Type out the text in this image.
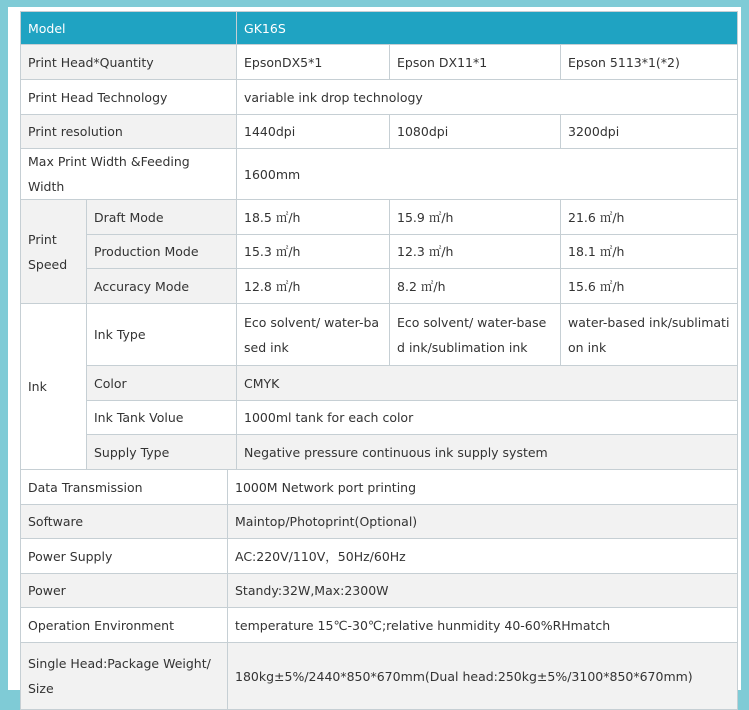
Model			GK16S		
Print Head*Quantity			EpsonDX5*1	Epson DX11*1	Epson 5113*1(*2)
Print Head Technology			variable ink drop technology		
Print resolution			1440dpi	1080dpi	3200dpi
Max Print Width &Feeding Width			1600mm		
Print
Speed	Draft Mode		18.5 ㎡/h	15.9 ㎡/h	21.6 ㎡/h
	Production Mode		15.3 ㎡/h	12.3 ㎡/h	18.1 ㎡/h
	Accuracy Mode		12.8 ㎡/h	8.2 ㎡/h	15.6 ㎡/h
Ink	Ink Type		Eco solvent/ water-based ink	Eco solvent/ water-based ink/sublimation ink	water-based ink/sublimation ink
	Color		CMYK		
	Ink Tank Volue		1000ml tank for each color		
	Supply Type		Negative pressure continuous ink supply system		
Data Transmission		1000M Network port printing			
Software		Maintop/Photoprint(Optional)			
Power Supply		AC:220V/110V，50Hz/60Hz			
Power		Standy:32W,Max:2300W			
Operation Environment		temperature 15℃-30℃;relative hunmidity 40-60%RHmatch			
Single Head:Package Weight/ Size		180kg±5%/2440*850*670mm(Dual head:250kg±5%/3100*850*670mm)			
